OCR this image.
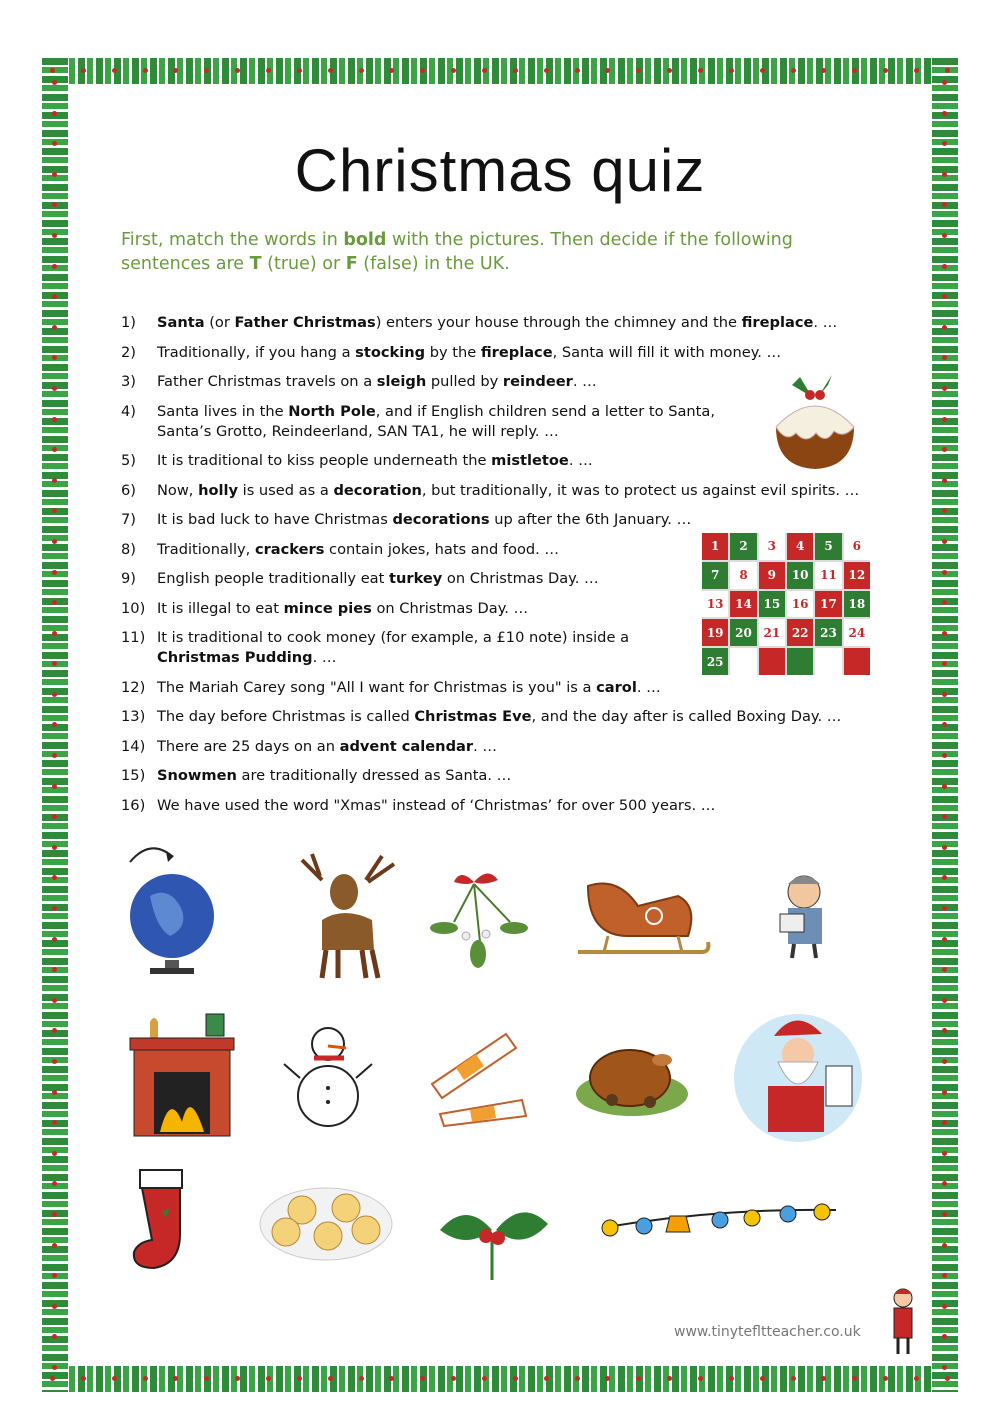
Christmas quiz
First, match the words in bold with the pictures. Then decide if the following sentences are T (true) or F (false) in the UK.
1)	Santa (or Father Christmas) enters your house through the chimney and the fireplace. …
2)	Traditionally, if you hang a stocking by the fireplace, Santa will fill it with money. …
3)	Father Christmas travels on a sleigh pulled by reindeer. …
4)	Santa lives in the North Pole, and if English children send a letter to Santa, Santa’s Grotto, Reindeerland, SAN TA1, he will reply. …
5)	It is traditional to kiss people underneath the mistletoe. …
6)	Now, holly is used as a decoration, but traditionally, it was to protect us against evil spirits. …
7)	It is bad luck to have Christmas decorations up after the 6th January. …
8)	Traditionally, crackers contain jokes, hats and food. …
9)	English people traditionally eat turkey on Christmas Day. …
10) It is illegal to eat mince pies on Christmas Day. …
11) It is traditional to cook money (for example, a £10 note) inside a Christmas Pudding. …
12) The Mariah Carey song "All I want for Christmas is you" is a carol. …
13) The day before Christmas is called Christmas Eve, and the day after is called Boxing Day. …
14) There are 25 days on an advent calendar. …
15) Snowmen are traditionally dressed as Santa. …
16) We have used the word "Xmas" instead of ‘Christmas’ for over 500 years. …
1	2	3	4	5	6
7	8	9	10 11 12
13 14 15 16 17 18
19 20 21 22 23 24
25
www.tinytefltteacher.co.uk
